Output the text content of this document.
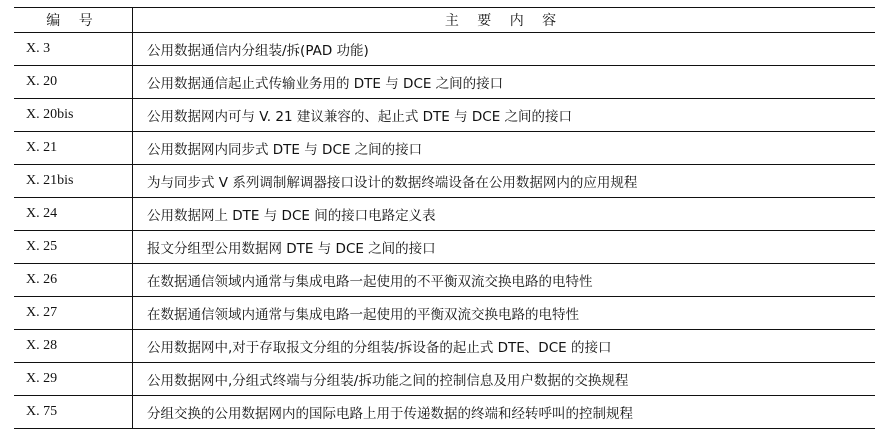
编 号	主 要 内 容
X. 3	公用数据通信内分组装/拆(PAD 功能)
X. 20	公用数据通信起止式传输业务用的 DTE 与 DCE 之间的接口
X. 20bis	公用数据网内可与 V. 21 建议兼容的、起止式 DTE 与 DCE 之间的接口
X. 21	公用数据网内同步式 DTE 与 DCE 之间的接口
X. 21bis	为与同步式 V 系列调制解调器接口设计的数据终端设备在公用数据网内的应用规程
X. 24	公用数据网上 DTE 与 DCE 间的接口电路定义表
X. 25	报文分组型公用数据网 DTE 与 DCE 之间的接口
X. 26	在数据通信领域内通常与集成电路一起使用的不平衡双流交换电路的电特性
X. 27	在数据通信领域内通常与集成电路一起使用的平衡双流交换电路的电特性
X. 28	公用数据网中,对于存取报文分组的分组装/拆设备的起止式 DTE、DCE 的接口
X. 29	公用数据网中,分组式终端与分组装/拆功能之间的控制信息及用户数据的交换规程
X. 75	分组交换的公用数据网内的国际电路上用于传递数据的终端和经转呼叫的控制规程
